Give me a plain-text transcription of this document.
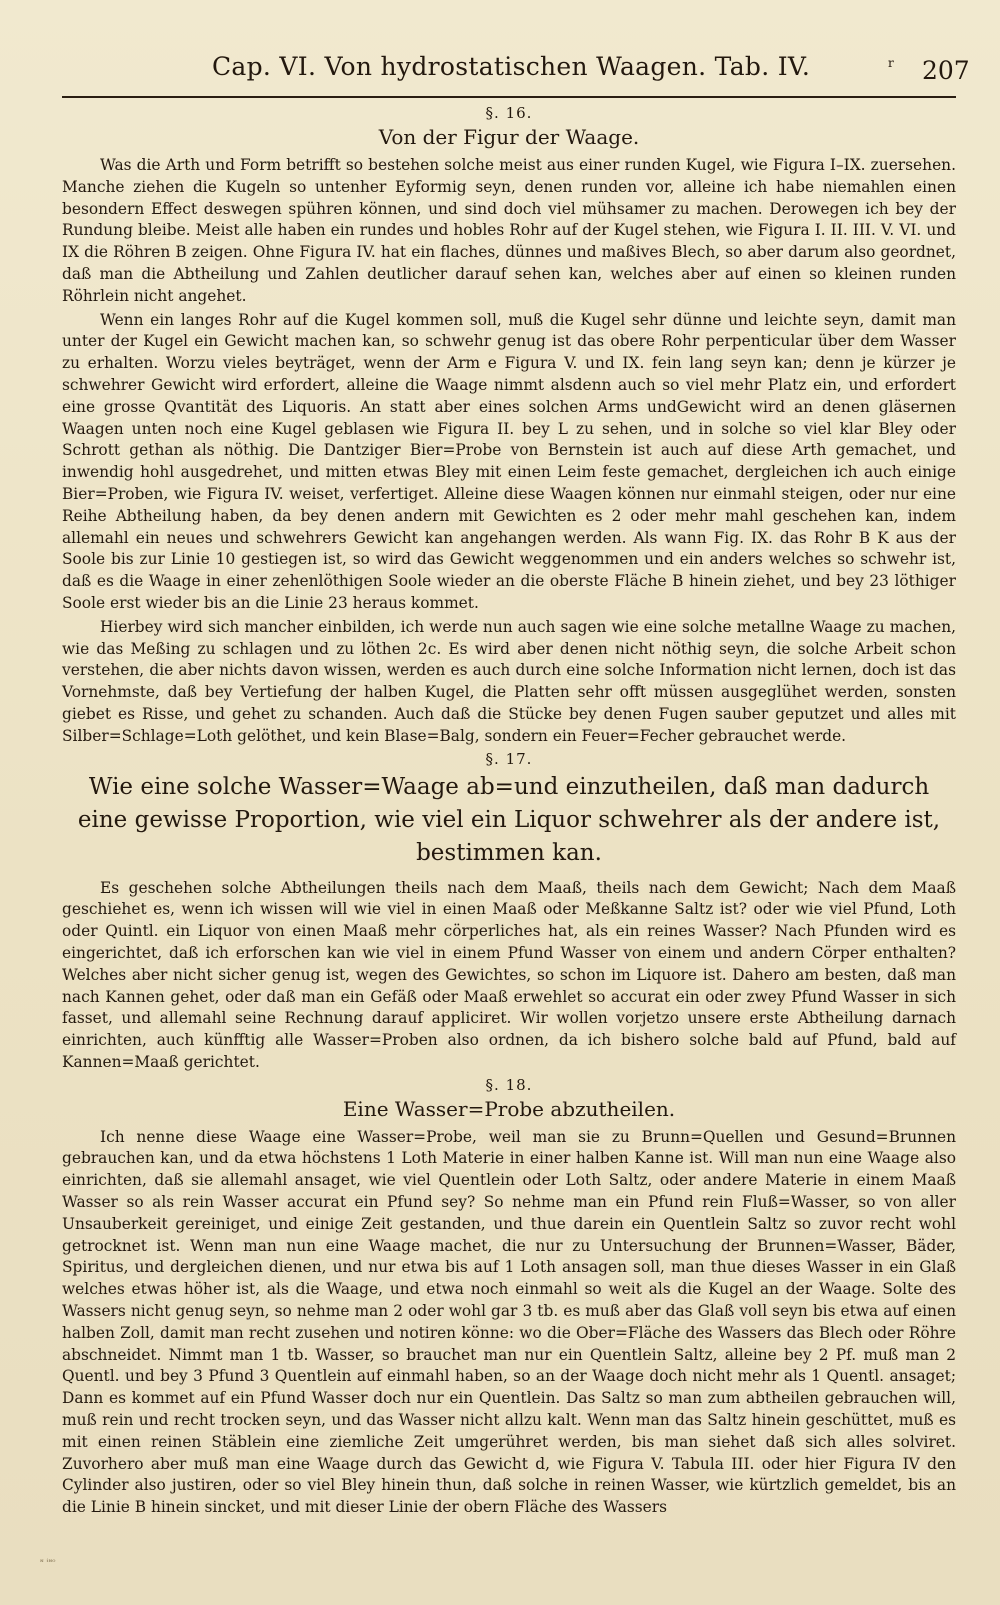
Cap. VI. Von hydrostatischen Waagen. Tab. IV.	r 207
§. 16.
Von der Figur der Waage.

Was die Arth und Form betrifft so bestehen solche meist aus einer runden Kugel, wie Figura I–IX. zuersehen. Manche ziehen die Kugeln so untenher Eyformig seyn, denen runden vor, alleine ich habe niemahlen einen besondern Effect deswegen spühren können, und sind doch viel mühsamer zu machen. Derowegen ich bey der Rundung bleibe. Meist alle haben ein rundes und hobles Rohr auf der Kugel stehen, wie Figura I. II. III. V. VI. und IX die Röhren B zeigen. Ohne Figura IV. hat ein flaches, dünnes und maßives Blech, so aber darum also geordnet, daß man die Abtheilung und Zahlen deutlicher darauf sehen kan, welches aber auf einen so kleinen runden Röhrlein nicht angehet.

Wenn ein langes Rohr auf die Kugel kommen soll, muß die Kugel sehr dünne und leichte seyn, damit man unter der Kugel ein Gewicht machen kan, so schwehr genug ist das obere Rohr perpenticular über dem Wasser zu erhalten. Worzu vieles beyträget, wenn der Arm e Figura V. und IX. fein lang seyn kan; denn je kürzer je schwehrer Gewicht wird erfordert, alleine die Waage nimmt alsdenn auch so viel mehr Platz ein, und erfordert eine grosse Qvantität des Liquoris. An statt aber eines solchen Arms undGewicht wird an denen gläsernen Waagen unten noch eine Kugel geblasen wie Figura II. bey L zu sehen, und in solche so viel klar Bley oder Schrott gethan als nöthig. Die Dantziger Bier=Probe von Bernstein ist auch auf diese Arth gemachet, und inwendig hohl ausgedrehet, und mitten etwas Bley mit einen Leim feste gemachet, dergleichen ich auch einige Bier=Proben, wie Figura IV. weiset, verfertiget. Alleine diese Waagen können nur einmahl steigen, oder nur eine Reihe Abtheilung haben, da bey denen andern mit Gewichten es 2 oder mehr mahl geschehen kan, indem allemahl ein neues und schwehrers Gewicht kan angehangen werden. Als wann Fig. IX. das Rohr B K aus der Soole bis zur Linie 10 gestiegen ist, so wird das Gewicht weggenommen und ein anders welches so schwehr ist, daß es die Waage in einer zehenlöthigen Soole wieder an die oberste Fläche B hinein ziehet, und bey 23 löthiger Soole erst wieder bis an die Linie 23 heraus kommet.

Hierbey wird sich mancher einbilden, ich werde nun auch sagen wie eine solche metallne Waage zu machen, wie das Meßing zu schlagen und zu löthen 2c. Es wird aber denen nicht nöthig seyn, die solche Arbeit schon verstehen, die aber nichts davon wissen, werden es auch durch eine solche Information nicht lernen, doch ist das Vornehmste, daß bey Vertiefung der halben Kugel, die Platten sehr offt müssen ausgeglühet werden, sonsten giebet es Risse, und gehet zu schanden. Auch daß die Stücke bey denen Fugen sauber geputzet und alles mit Silber=Schlage=Loth gelöthet, und kein Blase=Balg, sondern ein Feuer=Fecher gebrauchet werde.

§. 17.
Wie eine solche Wasser=Waage ab=und einzutheilen, daß man dadurch eine gewisse Proportion, wie viel ein Liquor schwehrer als der andere ist, bestimmen kan.

Es geschehen solche Abtheilungen theils nach dem Maaß, theils nach dem Gewicht; Nach dem Maaß geschiehet es, wenn ich wissen will wie viel in einen Maaß oder Meßkanne Saltz ist? oder wie viel Pfund, Loth oder Quintl. ein Liquor von einen Maaß mehr cörperliches hat, als ein reines Wasser? Nach Pfunden wird es eingerichtet, daß ich erforschen kan wie viel in einem Pfund Wasser von einem und andern Cörper enthalten? Welches aber nicht sicher genug ist, wegen des Gewichtes, so schon im Liquore ist. Dahero am besten, daß man nach Kannen gehet, oder daß man ein Gefäß oder Maaß erwehlet so accurat ein oder zwey Pfund Wasser in sich fasset, und allemahl seine Rechnung darauf appliciret. Wir wollen vorjetzo unsere erste Abtheilung darnach einrichten, auch künfftig alle Wasser=Proben also ordnen, da ich bishero solche bald auf Pfund, bald auf Kannen=Maaß gerichtet.

§. 18.
Eine Wasser=Probe abzutheilen.

Ich nenne diese Waage eine Wasser=Probe, weil man sie zu Brunn=Quellen und Gesund=Brunnen gebrauchen kan, und da etwa höchstens 1 Loth Materie in einer halben Kanne ist. Will man nun eine Waage also einrichten, daß sie allemahl ansaget, wie viel Quentlein oder Loth Saltz, oder andere Materie in einem Maaß Wasser so als rein Wasser accurat ein Pfund sey? So nehme man ein Pfund rein Fluß=Wasser, so von aller Unsauberkeit gereiniget, und einige Zeit gestanden, und thue darein ein Quentlein Saltz so zuvor recht wohl getrocknet ist. Wenn man nun eine Waage machet, die nur zu Untersuchung der Brunnen=Wasser, Bäder, Spiritus, und dergleichen dienen, und nur etwa bis auf 1 Loth ansagen soll, man thue dieses Wasser in ein Glaß welches etwas höher ist, als die Waage, und etwa noch einmahl so weit als die Kugel an der Waage. Solte des Wassers nicht genug seyn, so nehme man 2 oder wohl gar 3 tb. es muß aber das Glaß voll seyn bis etwa auf einen halben Zoll, damit man recht zusehen und notiren könne: wo die Ober=Fläche des Wassers das Blech oder Röhre abschneidet. Nimmt man 1 tb. Wasser, so brauchet man nur ein Quentlein Saltz, alleine bey 2 Pf. muß man 2 Quentl. und bey 3 Pfund 3 Quentlein auf einmahl haben, so an der Waage doch nicht mehr als 1 Quentl. ansaget; Dann es kommet auf ein Pfund Wasser doch nur ein Quentlein. Das Saltz so man zum abtheilen gebrauchen will, muß rein und recht trocken seyn, und das Wasser nicht allzu kalt. Wenn man das Saltz hinein geschüttet, muß es mit einen reinen Stäblein eine ziemliche Zeit umgerühret werden, bis man siehet daß sich alles solviret. Zuvorhero aber muß man eine Waage durch das Gewicht d, wie Figura V. Tabula III. oder hier Figura IV den Cylinder also justiren, oder so viel Bley hinein thun, daß solche in reinen Wasser, wie kürtzlich gemeldet, bis an die Linie B hinein sincket, und mit dieser Linie der obern Fläche des Wassers

ᶰ ᶤᶰᵒ
